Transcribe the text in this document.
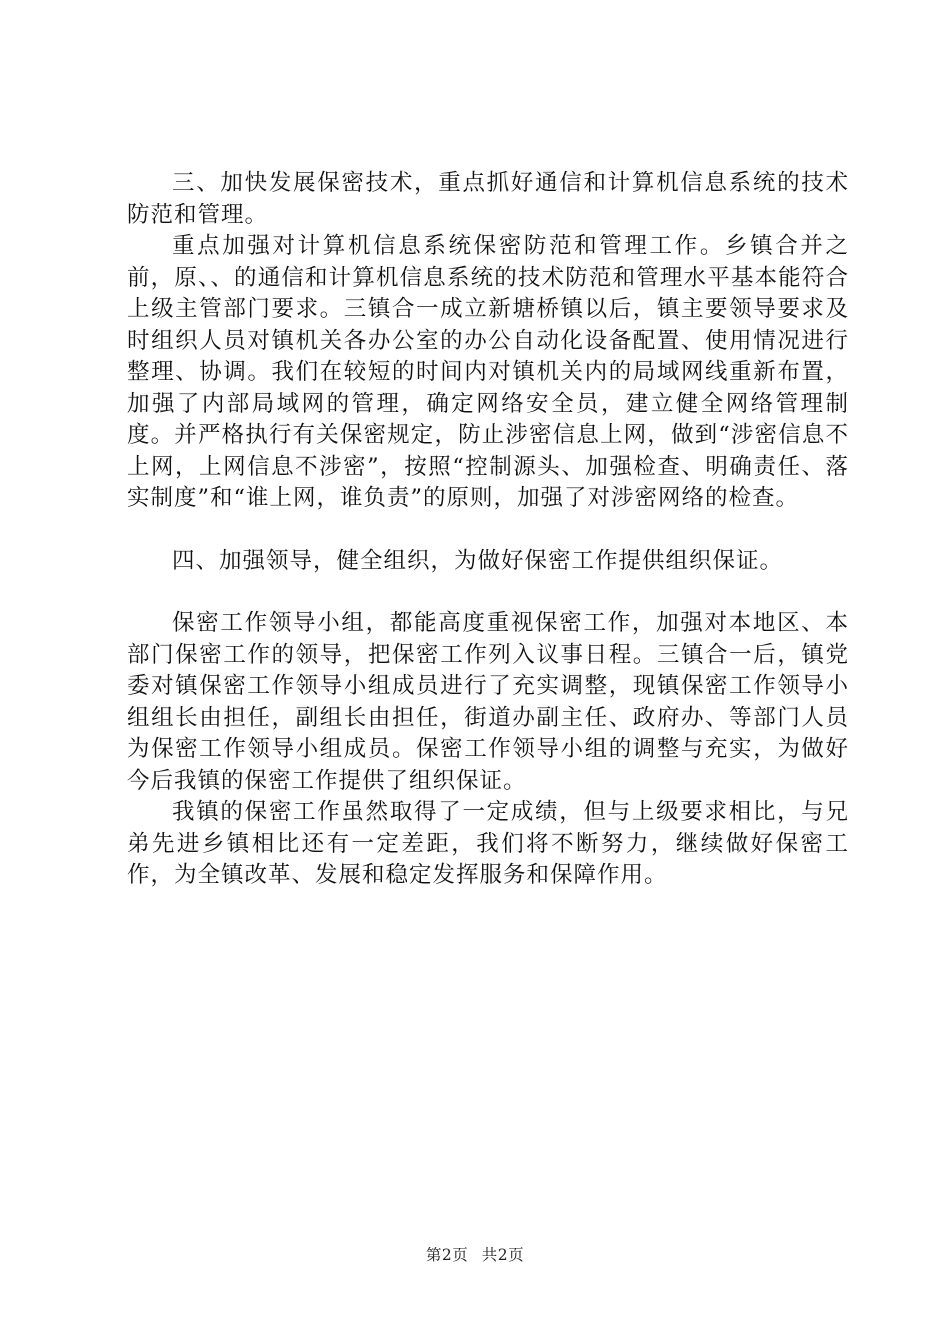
三、加快发展保密技术，重点抓好通信和计算机信息系统的技术防范和管理。

重点加强对计算机信息系统保密防范和管理工作。乡镇合并之前，原、、的通信和计算机信息系统的技术防范和管理水平基本能符合上级主管部门要求。三镇合一成立新塘桥镇以后，镇主要领导要求及时组织人员对镇机关各办公室的办公自动化设备配置、使用情况进行整理、协调。我们在较短的时间内对镇机关内的局域网线重新布置，加强了内部局域网的管理，确定网络安全员，建立健全网络管理制度。并严格执行有关保密规定，防止涉密信息上网，做到“涉密信息不上网，上网信息不涉密”，按照“控制源头、加强检查、明确责任、落实制度”和“谁上网，谁负责”的原则，加强了对涉密网络的检查。

四、加强领导，健全组织，为做好保密工作提供组织保证。

保密工作领导小组，都能高度重视保密工作，加强对本地区、本部门保密工作的领导，把保密工作列入议事日程。三镇合一后，镇党委对镇保密工作领导小组成员进行了充实调整，现镇保密工作领导小组组长由担任，副组长由担任，街道办副主任、政府办、等部门人员为保密工作领导小组成员。保密工作领导小组的调整与充实，为做好今后我镇的保密工作提供了组织保证。

我镇的保密工作虽然取得了一定成绩，但与上级要求相比，与兄弟先进乡镇相比还有一定差距，我们将不断努力，继续做好保密工作，为全镇改革、发展和稳定发挥服务和保障作用。

第2页 共2页
